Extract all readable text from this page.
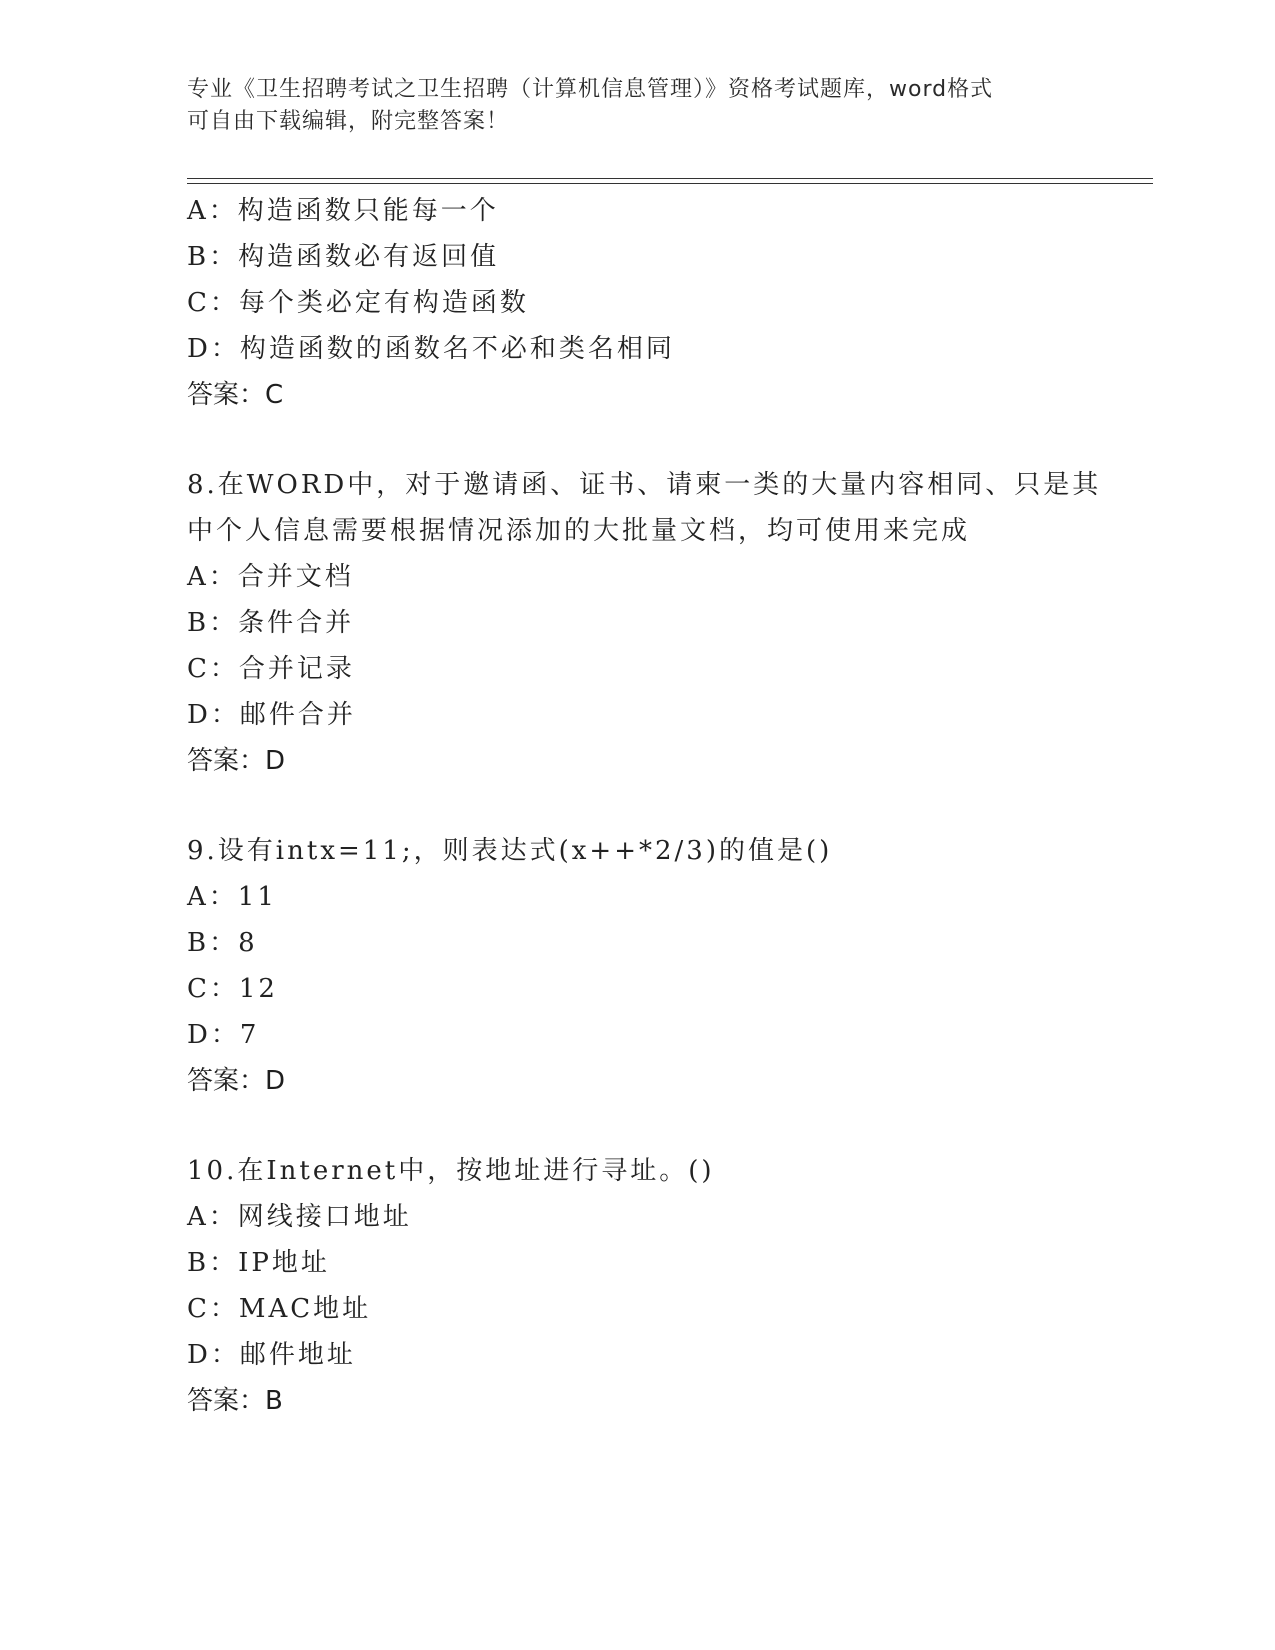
专业《卫生招聘考试之卫生招聘（计算机信息管理）》资格考试题库，word格式
可自由下载编辑，附完整答案！
A：构造函数只能每一个
B：构造函数必有返回值
C：每个类必定有构造函数
D：构造函数的函数名不必和类名相同
答案：C
8.在WORD中，对于邀请函、证书、请柬一类的大量内容相同、只是其
中个人信息需要根据情况添加的大批量文档，均可使用来完成
A：合并文档
B：条件合并
C：合并记录
D：邮件合并
答案：D
9.设有intx=11;，则表达式(x++*2/3)的值是()
A：11
B：8
C：12
D：7
答案：D
10.在Internet中，按地址进行寻址。()
A：网线接口地址
B：IP地址
C：MAC地址
D：邮件地址
答案：B
